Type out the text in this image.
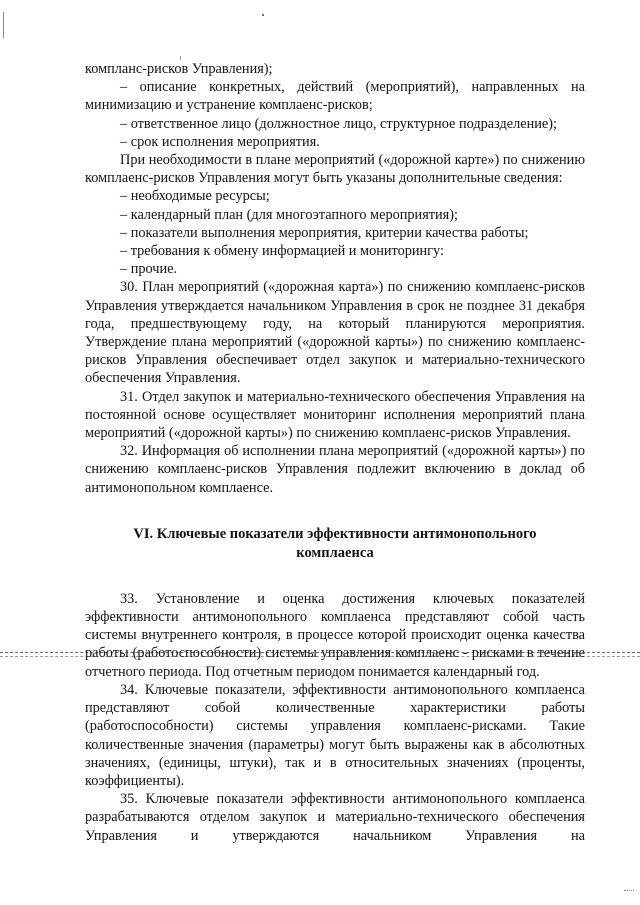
компланс-рисков Управления);

– описание конкретных, действий (мероприятий), направленных на минимизацию и устранение комплаенс-рисков;

– ответственное лицо (должностное лицо, структурное подразделение);

– срок исполнения мероприятия.

При необходимости в плане мероприятий («дорожной карте») по снижению комплаенс-рисков Управления могут быть указаны дополнительные сведения:

– необходимые ресурсы;

– календарный план (для многоэтапного мероприятия);

– показатели выполнения мероприятия, критерии качества работы;

– требования к обмену информацией и мониторингу:

– прочие.

30. План мероприятий («дорожная карта») по снижению комплаенс-рисков Управления утверждается начальником Управления в срок не позднее 31 декабря года, предшествующему году, на который планируются мероприятия. Утверждение плана мероприятий («дорожной карты») по снижению комплаенс-рисков Управления обеспечивает отдел закупок и материально-технического обеспечения Управления.

31. Отдел закупок и материально-технического обеспечения Управления на постоянной основе осуществляет мониторинг исполнения мероприятий плана мероприятий («дорожной карты») по снижению комплаенс-рисков Управления.

32. Информация об исполнении плана мероприятий («дорожной карты») по снижению комплаенс-рисков Управления подлежит включению в доклад об антимонопольном комплаенсе.

VI. Ключевые показатели эффективности антимонопольного
комплаенса

33. Установление и оценка достижения ключевых показателей эффективности антимонопольного комплаенса представляют собой часть системы внутреннего контроля, в процессе которой происходит оценка качества работы (работоспособности) системы управления комплаенс - рисками в течение отчетного периода. Под отчетным периодом понимается календарный год.

34. Ключевые показатели, эффективности антимонопольного комплаенса представляют собой количественные характеристики работы (работоспособности) системы управления комплаенс-рисками. Такие количественные значения (параметры) могут быть выражены как в абсолютных значениях, (единицы, штуки), так и в относительных значениях (проценты, коэффициенты).

35. Ключевые показатели эффективности антимонопольного комплаенса разрабатываются отделом закупок и материально-технического обеспечения Управления и утверждаются начальником Управления на
